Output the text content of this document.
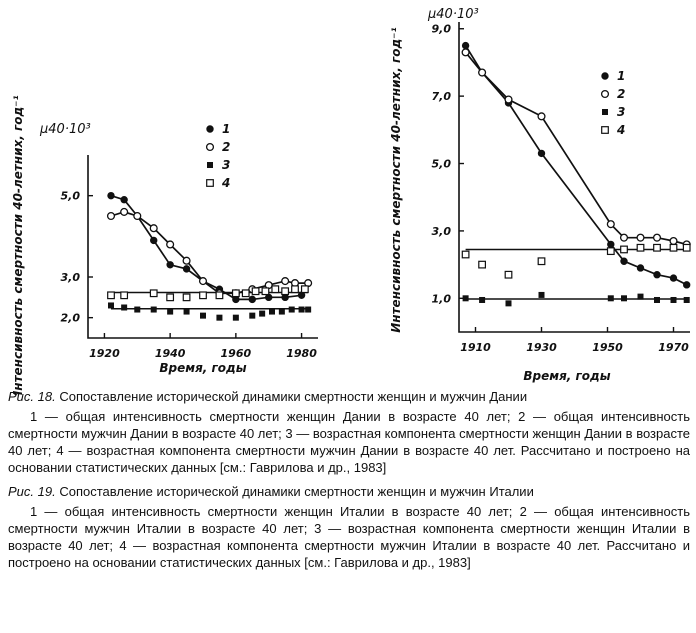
μ40·10³
Интенсивность смертности 40-летних, год⁻¹	Время, годы
1920	1940	1960	1980
2,0
3,0
5,0
1
2
3
4
μ40·10³
Интенсивность смертности 40-летних, год⁻¹
Время, годы
1910	1930	1950	1970
1,0
3,0
5,0
7,0
9,0
1
2
3
4

Рис. 18. Сопоставление исторической динамики смертности женщин и мужчин Дании

1 — общая интенсивность смертности женщин Дании в возрасте 40 лет; 2 — общая интенсивность смертности мужчин Дании в возрасте 40 лет; 3 — возрастная компонента смертности женщин Дании в возрасте 40 лет; 4 — возрастная компонента смертности мужчин Дании в возрасте 40 лет. Рассчитано и построено на основании статистических данных [см.: Гаврилова и др., 1983]

Рис. 19. Сопоставление исторической динамики смертности женщин и мужчин Италии

1 — общая интенсивность смертности женщин Италии в возрасте 40 лет; 2 — общая интенсивность смертности мужчин Италии в возрасте 40 лет; 3 — возрастная компонента смертности женщин Италии в возрасте 40 лет; 4 — возрастная компонента смертности мужчин Италии в возрасте 40 лет. Рассчитано и построено на основании статистических данных [см.: Гаврилова и др., 1983]
